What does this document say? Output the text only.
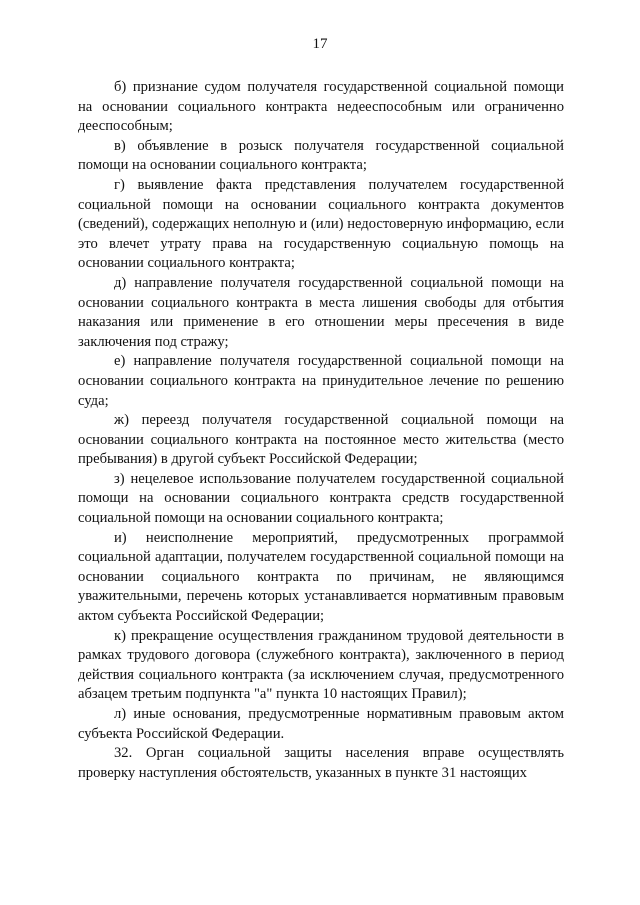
17

б) признание судом получателя государственной социальной помощи на основании социального контракта недееспособным или ограниченно дееспособным;

в) объявление в розыск получателя государственной социальной помощи на основании социального контракта;

г) выявление факта представления получателем государственной социальной помощи на основании социального контракта документов (сведений), содержащих неполную и (или) недостоверную информацию, если это влечет утрату права на государственную социальную помощь на основании социального контракта;

д) направление получателя государственной социальной помощи на основании социального контракта в места лишения свободы для отбытия наказания или применение в его отношении меры пресечения в виде заключения под стражу;

е) направление получателя государственной социальной помощи на основании социального контракта на принудительное лечение по решению суда;

ж) переезд получателя государственной социальной помощи на основании социального контракта на постоянное место жительства (место пребывания) в другой субъект Российской Федерации;

з) нецелевое использование получателем государственной социальной помощи на основании социального контракта средств государственной социальной помощи на основании социального контракта;

и) неисполнение мероприятий, предусмотренных программой социальной адаптации, получателем государственной социальной помощи на основании социального контракта по причинам, не являющимся уважительными, перечень которых устанавливается нормативным правовым актом субъекта Российской Федерации;

к) прекращение осуществления гражданином трудовой деятельности в рамках трудового договора (служебного контракта), заключенного в период действия социального контракта (за исключением случая, предусмотренного абзацем третьим подпункта "а" пункта 10 настоящих Правил);

л) иные основания, предусмотренные нормативным правовым актом субъекта Российской Федерации.

32. Орган социальной защиты населения вправе осуществлять проверку наступления обстоятельств, указанных в пункте 31 настоящих
